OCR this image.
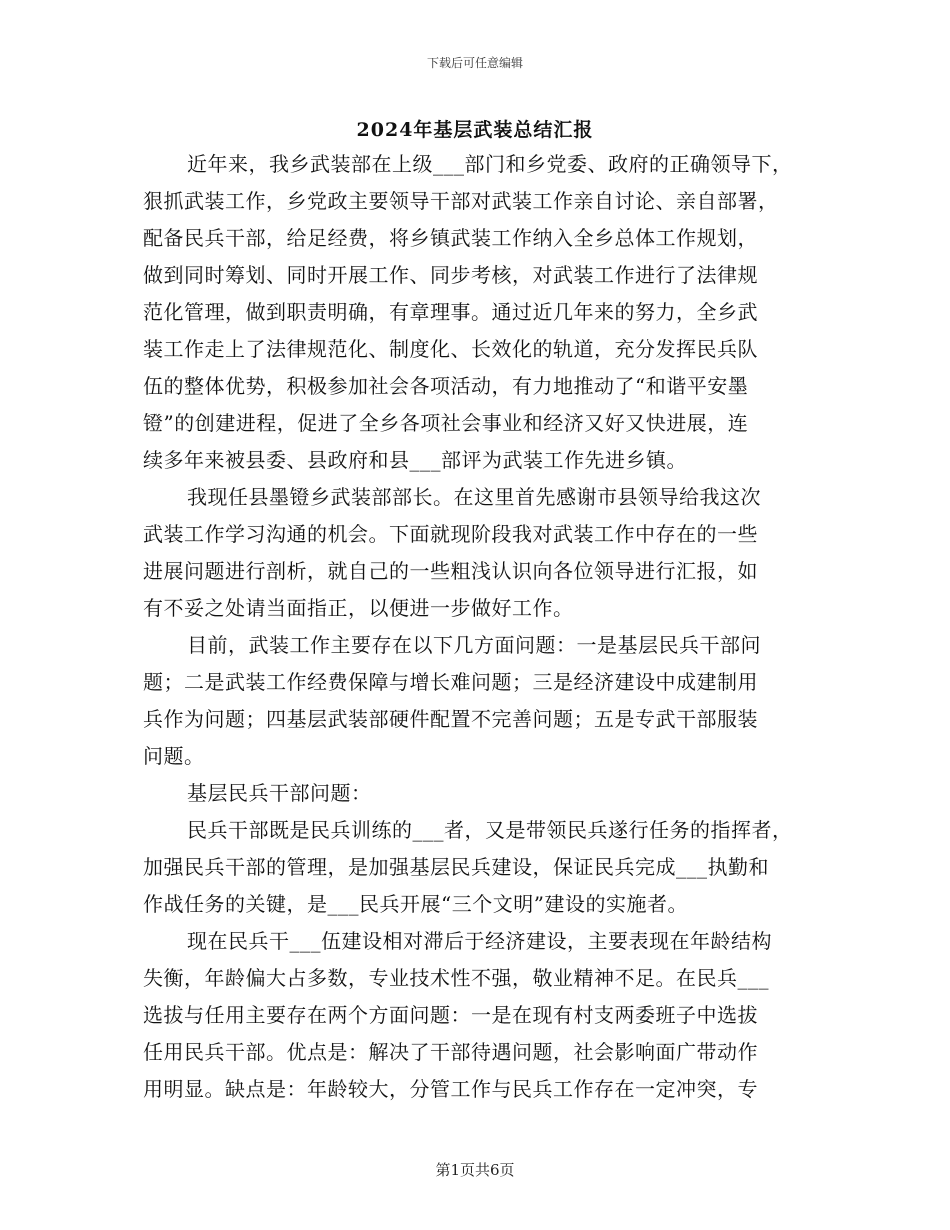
下载后可任意编辑
2024年基层武装总结汇报
近年来，我乡武装部在上级___部门和乡党委、政府的正确领导下，
狠抓武装工作，乡党政主要领导干部对武装工作亲自讨论、亲自部署，
配备民兵干部，给足经费，将乡镇武装工作纳入全乡总体工作规划，
做到同时筹划、同时开展工作、同步考核，对武装工作进行了法律规
范化管理，做到职责明确，有章理事。通过近几年来的努力，全乡武
装工作走上了法律规范化、制度化、长效化的轨道，充分发挥民兵队
伍的整体优势，积极参加社会各项活动，有力地推动了“和谐平安墨
镫”的创建进程，促进了全乡各项社会事业和经济又好又快进展，连
续多年来被县委、县政府和县___部评为武装工作先进乡镇。
我现任县墨镫乡武装部部长。在这里首先感谢市县领导给我这次
武装工作学习沟通的机会。下面就现阶段我对武装工作中存在的一些
进展问题进行剖析，就自己的一些粗浅认识向各位领导进行汇报，如
有不妥之处请当面指正，以便进一步做好工作。
目前，武装工作主要存在以下几方面问题：一是基层民兵干部问
题；二是武装工作经费保障与增长难问题；三是经济建设中成建制用
兵作为问题；四基层武装部硬件配置不完善问题；五是专武干部服装
问题。
基层民兵干部问题：
民兵干部既是民兵训练的___者，又是带领民兵遂行任务的指挥者，
加强民兵干部的管理，是加强基层民兵建设，保证民兵完成___执勤和
作战任务的关键，是___民兵开展“三个文明”建设的实施者。
现在民兵干___伍建设相对滞后于经济建设，主要表现在年龄结构
失衡，年龄偏大占多数，专业技术性不强，敬业精神不足。在民兵___
选拔与任用主要存在两个方面问题：一是在现有村支两委班子中选拔
任用民兵干部。优点是：解决了干部待遇问题，社会影响面广带动作
用明显。缺点是：年龄较大，分管工作与民兵工作存在一定冲突，专
第1页共6页
